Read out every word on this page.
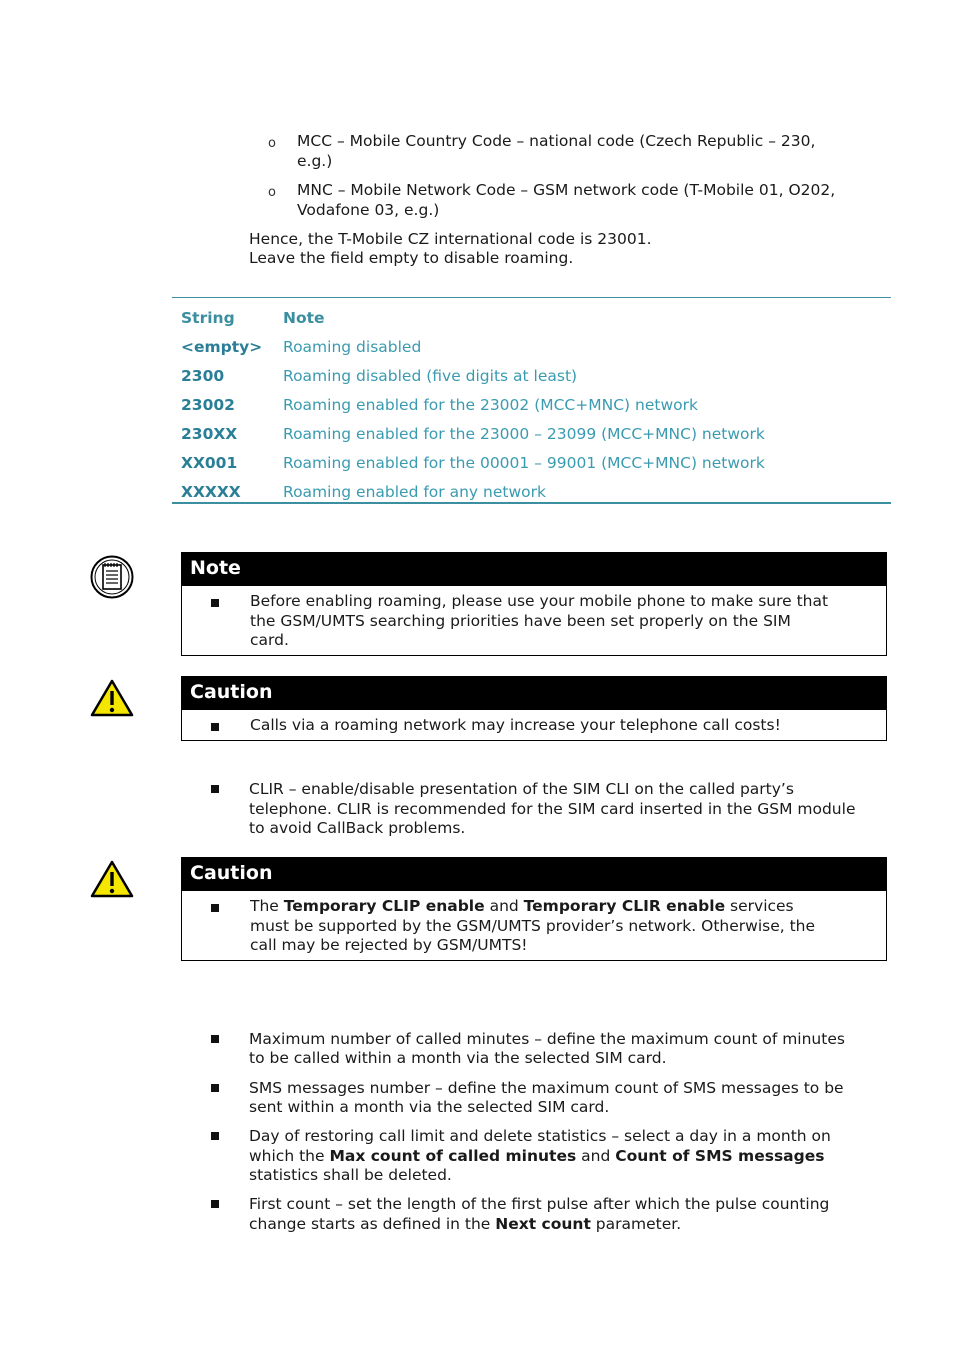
o MCC – Mobile Country Code – national code (Czech Republic – 230,
e.g.)
o MNC – Mobile Network Code – GSM network code (T-Mobile 01, O202,
Vodafone 03, e.g.)
Hence, the T-Mobile CZ international code is 23001.
Leave the field empty to disable roaming.
String	Note
<empty> Roaming disabled
2300	Roaming disabled (five digits at least)
23002	Roaming enabled for the 23002 (MCC+MNC) network
230XX	Roaming enabled for the 23000 – 23099 (MCC+MNC) network
XX001	Roaming enabled for the 00001 – 99001 (MCC+MNC) network
XXXXX	Roaming enabled for any network
Note
Before enabling roaming, please use your mobile phone to make sure that
the GSM/UMTS searching priorities have been set properly on the SIM
card.
Caution
Calls via a roaming network may increase your telephone call costs!
CLIR – enable/disable presentation of the SIM CLI on the called party’s
telephone. CLIR is recommended for the SIM card inserted in the GSM module
to avoid CallBack problems.
Caution
The Temporary CLIP enable and Temporary CLIR enable services
must be supported by the GSM/UMTS provider’s network. Otherwise, the
call may be rejected by GSM/UMTS!
Maximum number of called minutes – define the maximum count of minutes
to be called within a month via the selected SIM card.
SMS messages number – define the maximum count of SMS messages to be
sent within a month via the selected SIM card.
Day of restoring call limit and delete statistics – select a day in a month on
which the Max count of called minutes and Count of SMS messages
statistics shall be deleted.
First count – set the length of the first pulse after which the pulse counting
change starts as defined in the Next count parameter.
